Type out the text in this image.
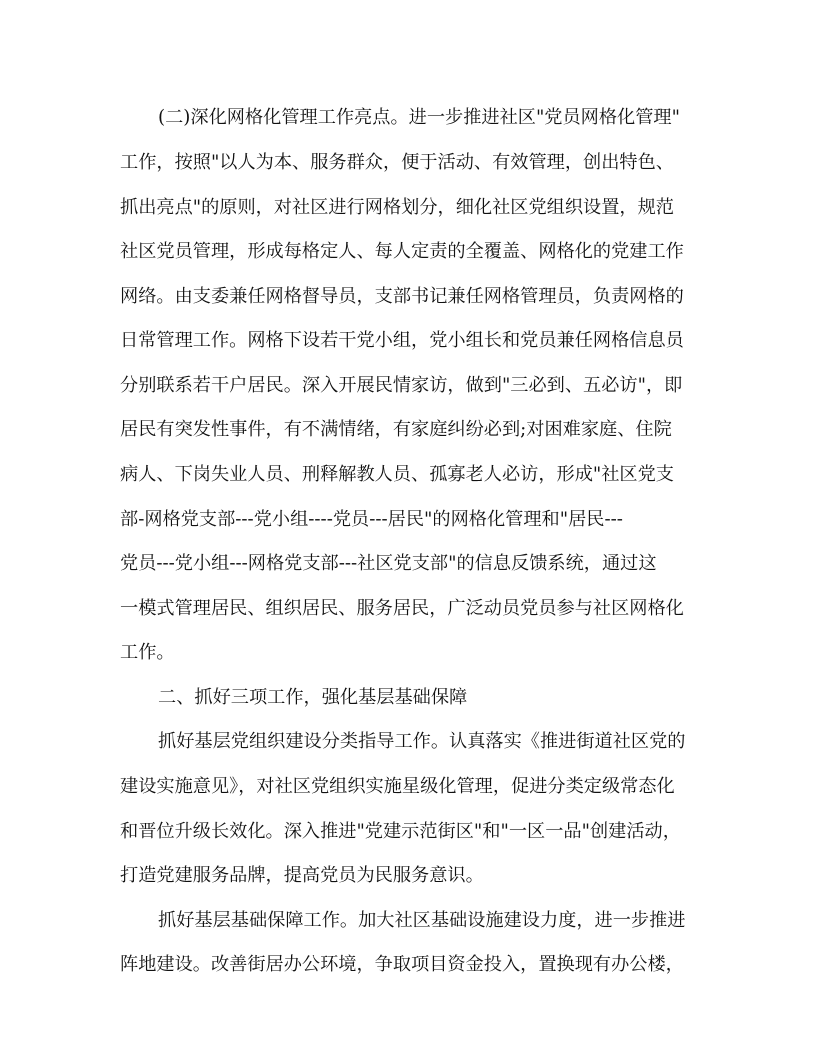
(二)深化网格化管理工作亮点。进一步推进社区"党员网格化管理"
工作，按照"以人为本、服务群众，便于活动、有效管理，创出特色、
抓出亮点"的原则，对社区进行网格划分，细化社区党组织设置，规范
社区党员管理，形成每格定人、每人定责的全覆盖、网格化的党建工作
网络。由支委兼任网格督导员，支部书记兼任网格管理员，负责网格的
日常管理工作。网格下设若干党小组，党小组长和党员兼任网格信息员
分别联系若干户居民。深入开展民情家访，做到"三必到、五必访"，即
居民有突发性事件，有不满情绪，有家庭纠纷必到;对困难家庭、住院
病人、下岗失业人员、刑释解教人员、孤寡老人必访，形成"社区党支
部-网格党支部---党小组----党员---居民"的网格化管理和"居民---
党员---党小组---网格党支部---社区党支部"的信息反馈系统，通过这
一模式管理居民、组织居民、服务居民，广泛动员党员参与社区网格化
工作。
二、抓好三项工作，强化基层基础保障
抓好基层党组织建设分类指导工作。认真落实《推进街道社区党的
建设实施意见》，对社区党组织实施星级化管理，促进分类定级常态化
和晋位升级长效化。深入推进"党建示范街区"和"一区一品"创建活动，
打造党建服务品牌，提高党员为民服务意识。
抓好基层基础保障工作。加大社区基础设施建设力度，进一步推进
阵地建设。改善街居办公环境，争取项目资金投入，置换现有办公楼，
